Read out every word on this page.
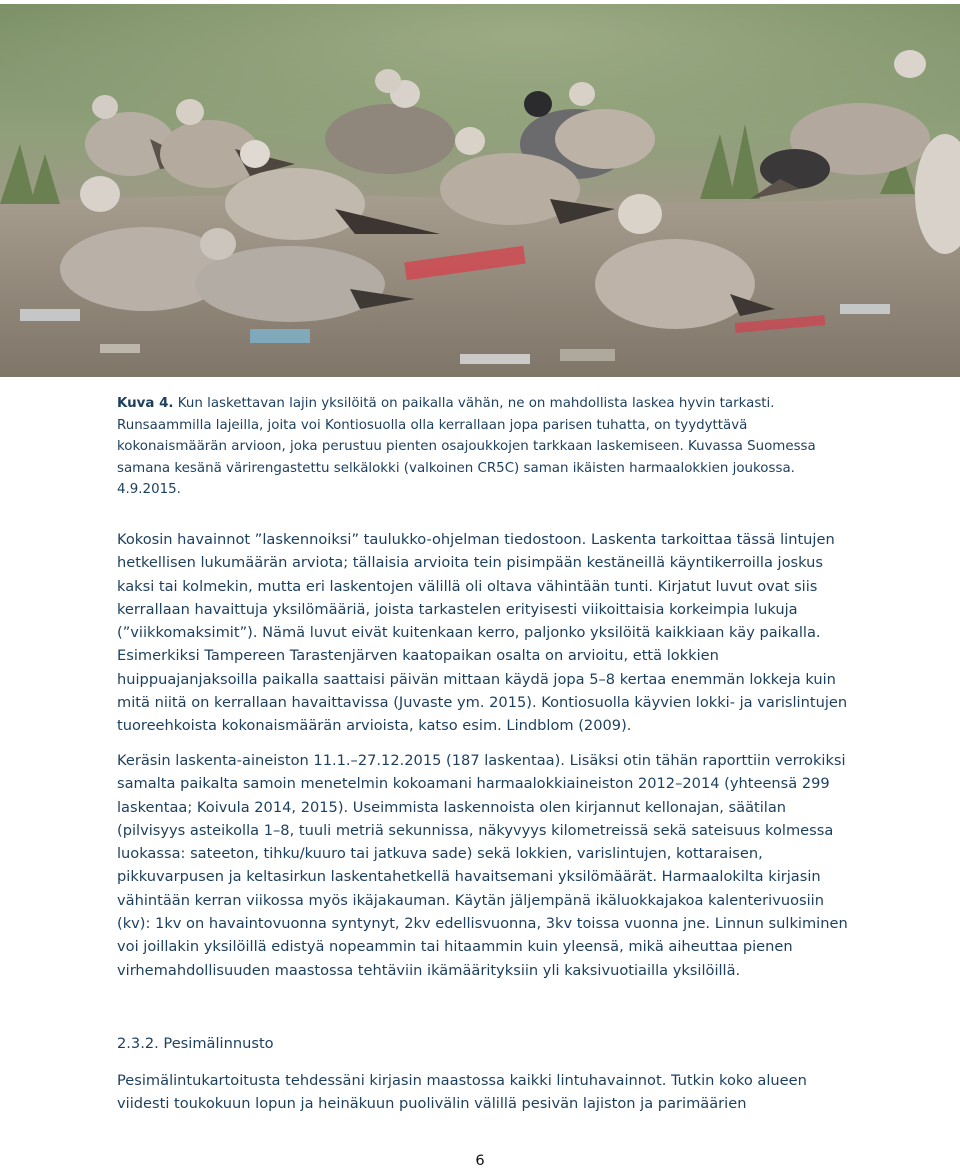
Kuva 4. Kun laskettavan lajin yksilöitä on paikalla vähän, ne on mahdollista laskea hyvin tarkasti. Runsaammilla lajeilla, joita voi Kontiosuolla olla kerrallaan jopa parisen tuhatta, on tyydyttävä kokonaismäärän arvioon, joka perustuu pienten osajoukkojen tarkkaan laskemiseen. Kuvassa Suomessa samana kesänä värirengastettu selkälokki (valkoinen CR5C) saman ikäisten harmaalokkien joukossa. 4.9.2015.

Kokosin havainnot ”laskennoiksi” taulukko-ohjelman tiedostoon. Laskenta tarkoittaa tässä lintujen hetkellisen lukumäärän arviota; tällaisia arvioita tein pisimpään kestäneillä käyntikerroilla joskus kaksi tai kolmekin, mutta eri laskentojen välillä oli oltava vähintään tunti. Kirjatut luvut ovat siis kerrallaan havaittuja yksilömääriä, joista tarkastelen erityisesti viikoittaisia korkeimpia lukuja (”viikkomaksimit”). Nämä luvut eivät kuitenkaan kerro, paljonko yksilöitä kaikkiaan käy paikalla. Esimerkiksi Tampereen Tarastenjärven kaatopaikan osalta on arvioitu, että lokkien huippuajanjaksoilla paikalla saattaisi päivän mittaan käydä jopa 5–8 kertaa enemmän lokkeja kuin mitä niitä on kerrallaan havaittavissa (Juvaste ym. 2015). Kontiosuolla käyvien lokki- ja varislintujen tuoreehkoista kokonaismäärän arvioista, katso esim. Lindblom (2009).

Keräsin laskenta-aineiston 11.1.–27.12.2015 (187 laskentaa). Lisäksi otin tähän raporttiin verrokiksi samalta paikalta samoin menetelmin kokoamani harmaalokkiaineiston 2012–2014 (yhteensä 299 laskentaa; Koivula 2014, 2015). Useimmista laskennoista olen kirjannut kellonajan, säätilan (pilvisyys asteikolla 1–8, tuuli metriä sekunnissa, näkyvyys kilometreissä sekä sateisuus kolmessa luokassa: sateeton, tihku/kuuro tai jatkuva sade) sekä lokkien, varislintujen, kottaraisen, pikkuvarpusen ja keltasirkun laskentahetkellä havaitsemani yksilömäärät. Harmaalokilta kirjasin vähintään kerran viikossa myös ikäjakauman. Käytän jäljempänä ikäluokkajakoa kalenterivuosiin (kv): 1kv on havaintovuonna syntynyt, 2kv edellisvuonna, 3kv toissa vuonna jne. Linnun sulkiminen voi joillakin yksilöillä edistyä nopeammin tai hitaammin kuin yleensä, mikä aiheuttaa pienen virhemahdollisuuden maastossa tehtäviin ikämäärityksiin yli kaksivuotiailla yksilöillä.

2.3.2. Pesimälinnusto

Pesimälintukartoitusta tehdessäni kirjasin maastossa kaikki lintuhavainnot. Tutkin koko alueen viidesti toukokuun lopun ja heinäkuun puolivälin välillä pesivän lajiston ja parimäärien

6
